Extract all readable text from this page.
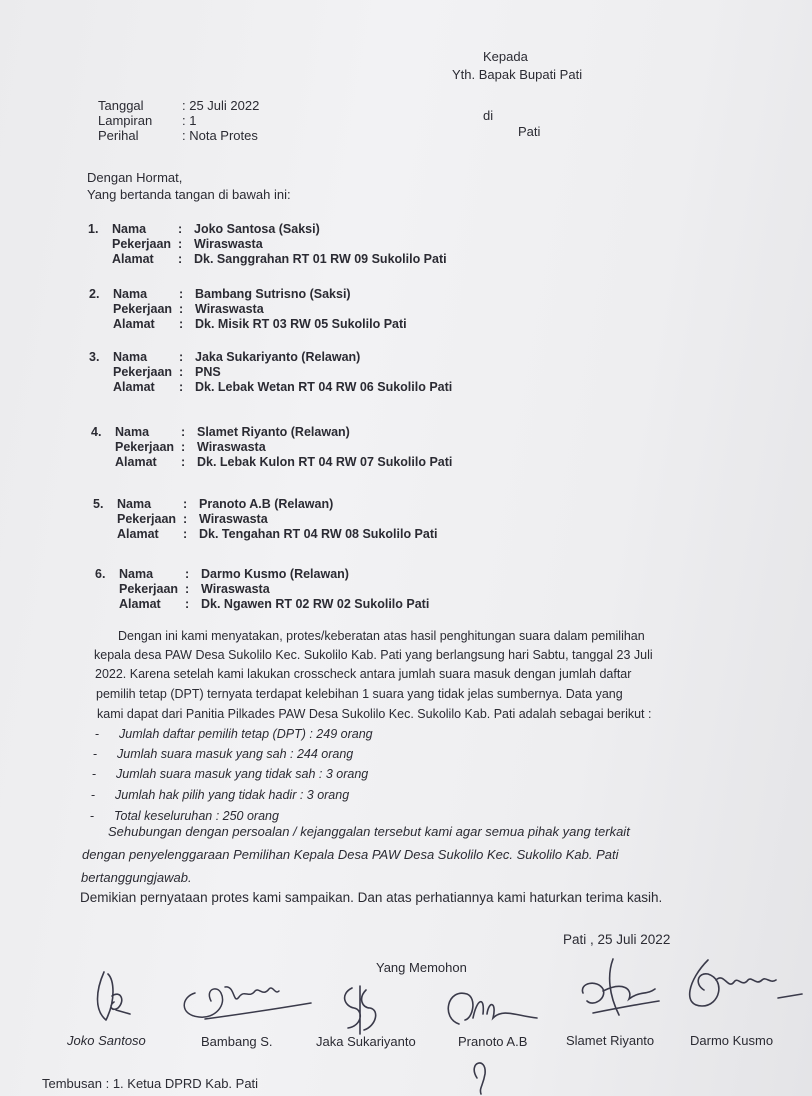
Kepada
Yth. Bapak Bupati Pati
di
Pati
Tanggal	: 25 Juli 2022
Lampiran	: 1
Perihal	: Nota Protes
Dengan Hormat,
Yang bertanda tangan di bawah ini:
1.	Nama	: Joko Santosa (Saksi)
Pekerjaan : Wiraswasta
Alamat	: Dk. Sanggrahan RT 01 RW 09 Sukolilo Pati
2.	Nama	: Bambang Sutrisno (Saksi)
Pekerjaan : Wiraswasta
Alamat	: Dk. Misik RT 03 RW 05 Sukolilo Pati
3.	Nama	: Jaka Sukariyanto (Relawan)
Pekerjaan : PNS
Alamat	: Dk. Lebak Wetan RT 04 RW 06 Sukolilo Pati
4.	Nama	: Slamet Riyanto (Relawan)
Pekerjaan : Wiraswasta
Alamat	: Dk. Lebak Kulon RT 04 RW 07 Sukolilo Pati
5.	Nama	: Pranoto A.B (Relawan)
Pekerjaan : Wiraswasta
Alamat	: Dk. Tengahan RT 04 RW 08 Sukolilo Pati
6.	Nama	: Darmo Kusmo (Relawan)
Pekerjaan : Wiraswasta
Alamat	: Dk. Ngawen RT 02 RW 02 Sukolilo Pati
Dengan ini kami menyatakan, protes/keberatan atas hasil penghitungan suara dalam pemilihan
kepala desa PAW Desa Sukolilo Kec. Sukolilo Kab. Pati yang berlangsung hari Sabtu, tanggal 23 Juli
2022. Karena setelah kami lakukan crosscheck antara jumlah suara masuk dengan jumlah daftar
pemilih tetap (DPT) ternyata terdapat kelebihan 1 suara yang tidak jelas sumbernya. Data yang
kami dapat dari Panitia Pilkades PAW Desa Sukolilo Kec. Sukolilo Kab. Pati adalah sebagai berikut :
- Jumlah daftar pemilih tetap (DPT) : 249 orang
- Jumlah suara masuk yang sah : 244 orang
- Jumlah suara masuk yang tidak sah : 3 orang
- Jumlah hak pilih yang tidak hadir : 3 orang
- Total keseluruhan : 250 orang
Sehubungan dengan persoalan / kejanggalan tersebut kami agar semua pihak yang terkait
dengan penyelenggaraan Pemilihan Kepala Desa PAW Desa Sukolilo Kec. Sukolilo Kab. Pati
bertanggungjawab.
Demikian pernyataan protes kami sampaikan. Dan atas perhatiannya kami haturkan terima kasih.
Pati , 25 Juli 2022
Yang Memohon
Joko Santoso	Bambang S.	Jaka Sukariyanto	Pranoto A.B	Slamet Riyanto	Darmo Kusmo
Tembusan : 1. Ketua DPRD Kab. Pati
